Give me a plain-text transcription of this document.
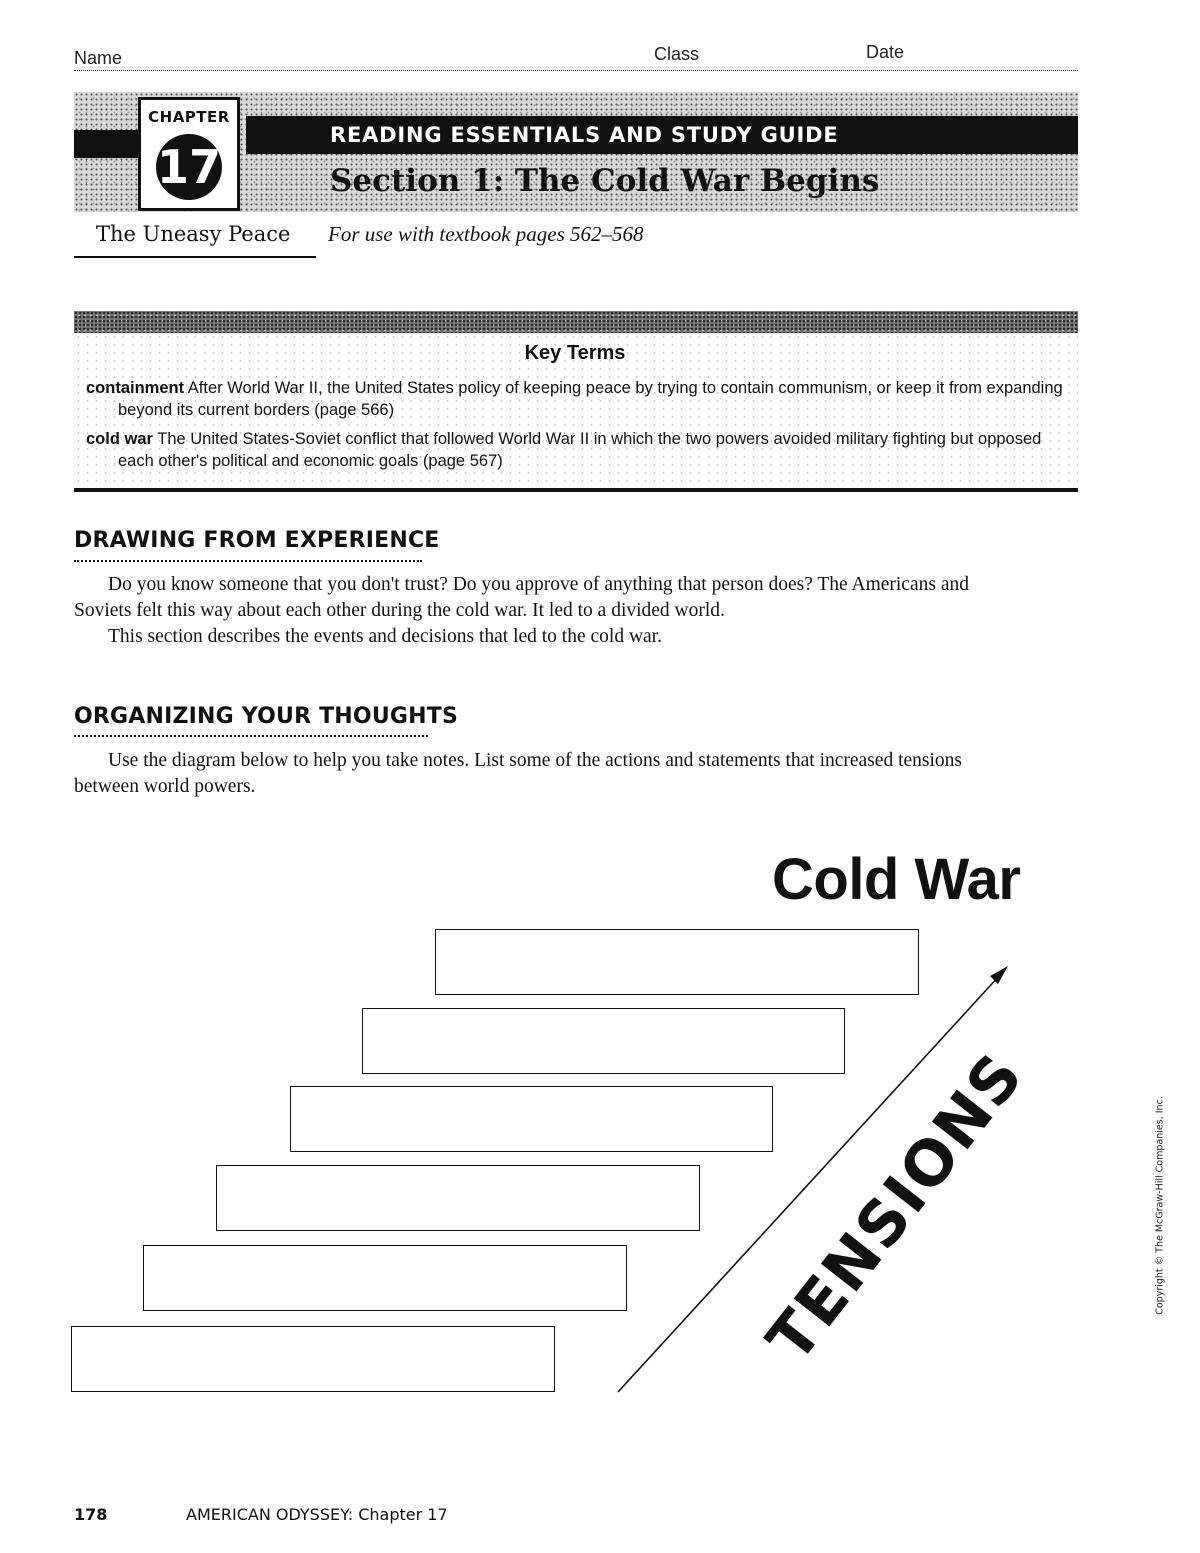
Name	Class	Date
CHAPTER
17
READING ESSENTIALS AND STUDY GUIDE
Section 1: The Cold War Begins
The Uneasy Peace For use with textbook pages 562–568
Key Terms
containment After World War II, the United States policy of keeping peace by trying to contain communism, or keep it from expanding beyond its current borders (page 566)
cold war The United States-Soviet conflict that followed World War II in which the two powers avoided military fighting but opposed each other's political and economic goals (page 567)
DRAWING FROM EXPERIENCE

Do you know someone that you don't trust? Do you approve of anything that person does? The Americans and Soviets felt this way about each other during the cold war. It led to a divided world.

This section describes the events and decisions that led to the cold war.

ORGANIZING YOUR THOUGHTS

Use the diagram below to help you take notes. List some of the actions and statements that increased tensions between world powers.

Cold War
TENSIONS	Copyright © The McGraw-Hill Companies, Inc.
178	AMERICAN ODYSSEY: Chapter 17
